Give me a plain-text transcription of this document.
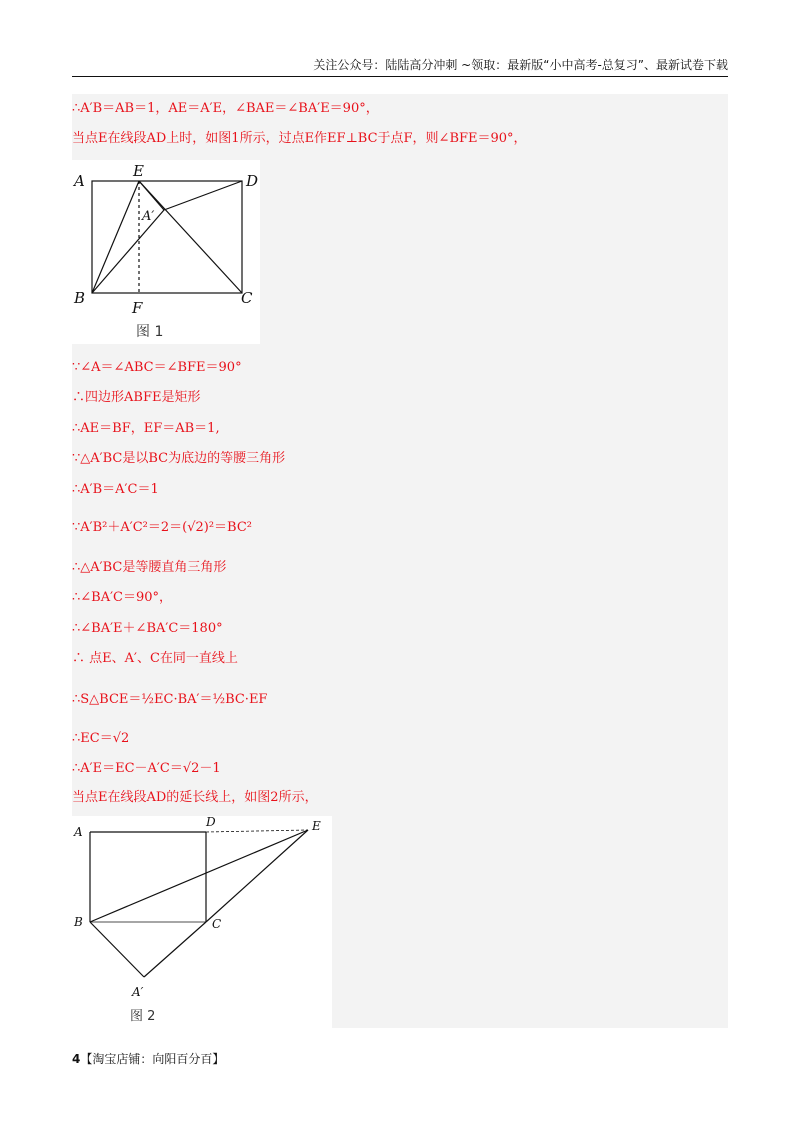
关注公众号：陆陆高分冲刺 ~领取：最新版“小中高考-总复习”、最新试卷下载
∴A′B＝AB＝1，AE＝A′E，∠BAE＝∠BA′E＝90°，
当点E在线段AD上时，如图1所示，过点E作EF⊥BC于点F，则∠BFE＝90°，
A
E
D
A′
B
F
C
图 1
∵∠A＝∠ABC＝∠BFE＝90°
∴四边形ABFE是矩形
∴AE＝BF，EF＝AB＝1,
∵△A′BC是以BC为底边的等腰三角形
∴A′B＝A′C＝1
∵A′B²＋A′C²＝2＝(√2)²＝BC²
∴△A′BC是等腰直角三角形
∴∠BA′C＝90°，
∴∠BA′E＋∠BA′C＝180°
∴ 点E、A′、C在同一直线上
∴S△BCE＝½EC·BA′＝½BC·EF
∴EC＝√2
∴A′E＝EC－A′C＝√2－1
当点E在线段AD的延长线上，如图2所示，
A
D	E
B	C
A′
图 2
4【淘宝店铺：向阳百分百】
